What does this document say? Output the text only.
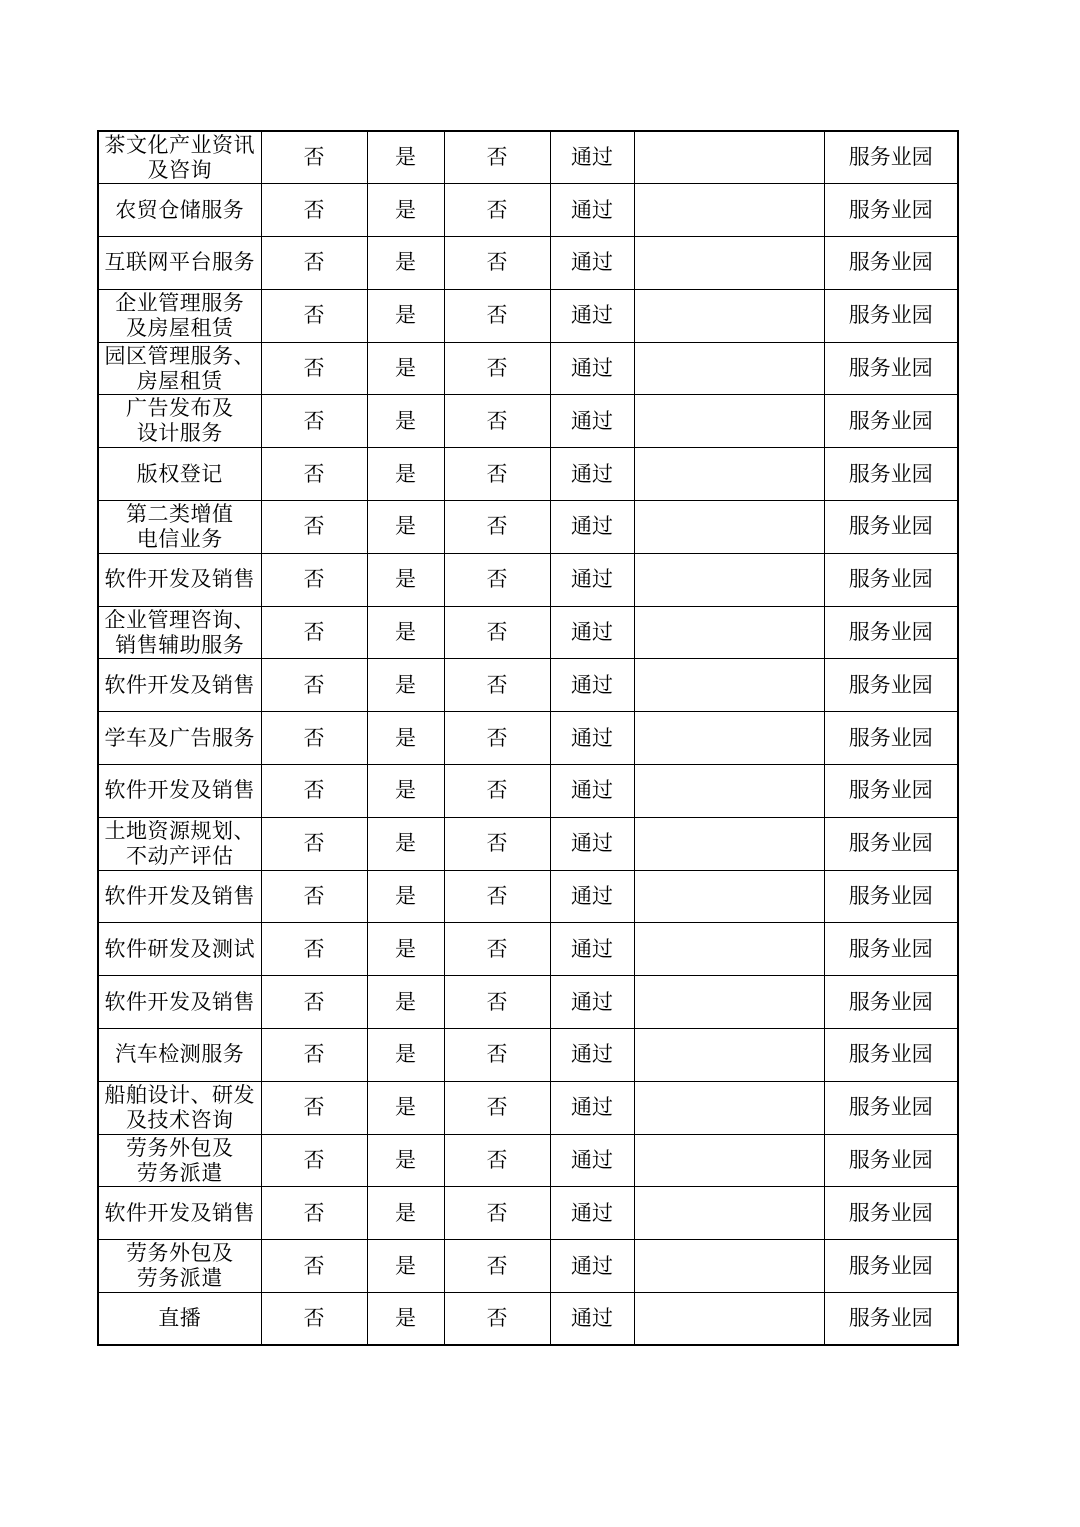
茶文化产业资讯
及咨询	否	是	否	通过		服务业园
农贸仓储服务	否	是	否	通过		服务业园
互联网平台服务	否	是	否	通过		服务业园
企业管理服务
及房屋租赁	否	是	否	通过		服务业园
园区管理服务、
房屋租赁	否	是	否	通过		服务业园
广告发布及
设计服务	否	是	否	通过		服务业园
版权登记	否	是	否	通过		服务业园
第二类增值
电信业务	否	是	否	通过		服务业园
软件开发及销售	否	是	否	通过		服务业园
企业管理咨询、
销售辅助服务	否	是	否	通过		服务业园
软件开发及销售	否	是	否	通过		服务业园
学车及广告服务	否	是	否	通过		服务业园
软件开发及销售	否	是	否	通过		服务业园
土地资源规划、
不动产评估	否	是	否	通过		服务业园
软件开发及销售	否	是	否	通过		服务业园
软件研发及测试	否	是	否	通过		服务业园
软件开发及销售	否	是	否	通过		服务业园
汽车检测服务	否	是	否	通过		服务业园
船舶设计、研发
及技术咨询	否	是	否	通过		服务业园
劳务外包及
劳务派遣	否	是	否	通过		服务业园
软件开发及销售	否	是	否	通过		服务业园
劳务外包及
劳务派遣	否	是	否	通过		服务业园
直播	否	是	否	通过		服务业园
